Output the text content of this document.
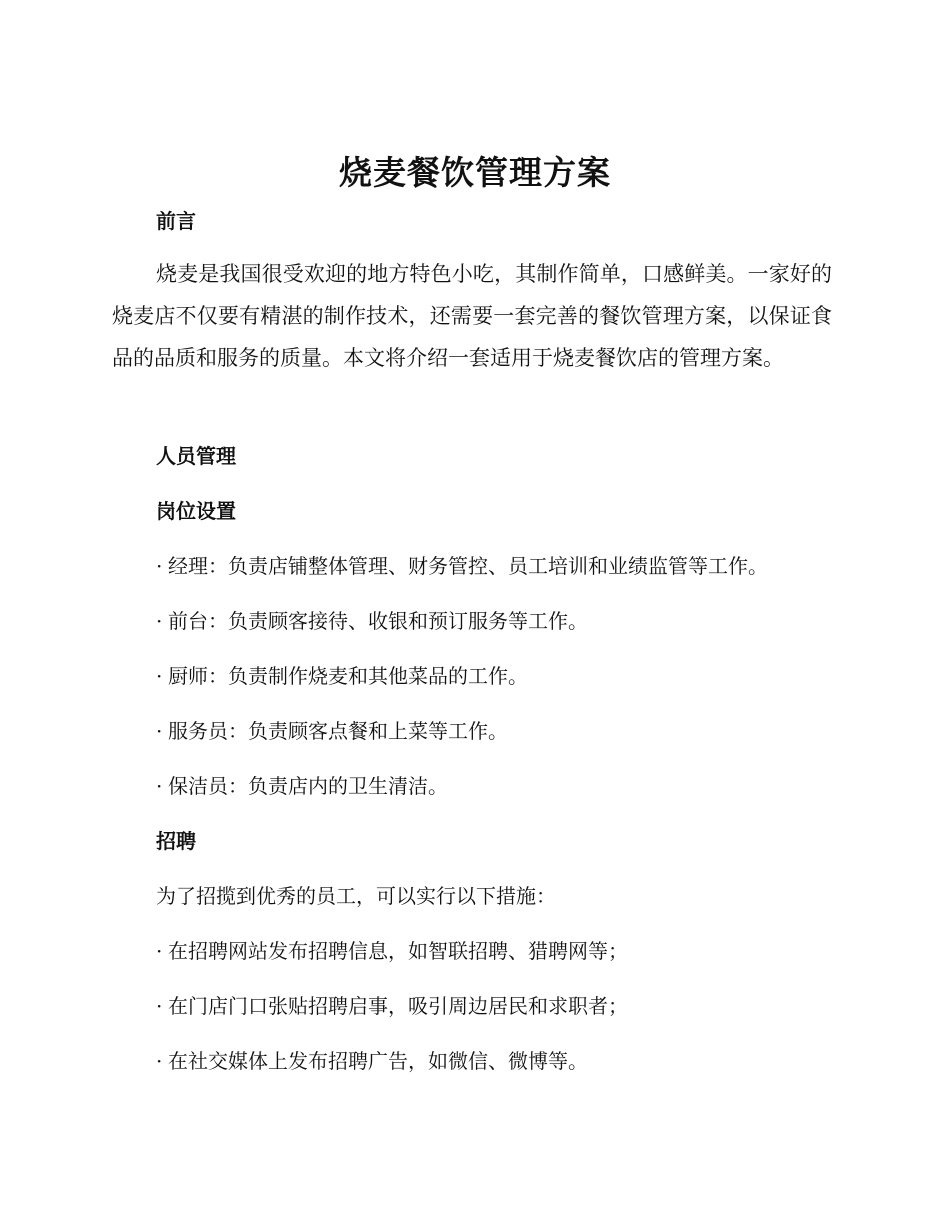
烧麦餐饮管理方案
前言

烧麦是我国很受欢迎的地方特色小吃，其制作简单，口感鲜美。一家好的烧麦店不仅要有精湛的制作技术，还需要一套完善的餐饮管理方案，以保证食品的品质和服务的质量。本文将介绍一套适用于烧麦餐饮店的管理方案。

人员管理
岗位设置
· 经理：负责店铺整体管理、财务管控、员工培训和业绩监管等工作。
· 前台：负责顾客接待、收银和预订服务等工作。
· 厨师：负责制作烧麦和其他菜品的工作。
· 服务员：负责顾客点餐和上菜等工作。
· 保洁员：负责店内的卫生清洁。
招聘
为了招揽到优秀的员工，可以实行以下措施：
· 在招聘网站发布招聘信息，如智联招聘、猎聘网等；
· 在门店门口张贴招聘启事，吸引周边居民和求职者；
· 在社交媒体上发布招聘广告，如微信、微博等。
